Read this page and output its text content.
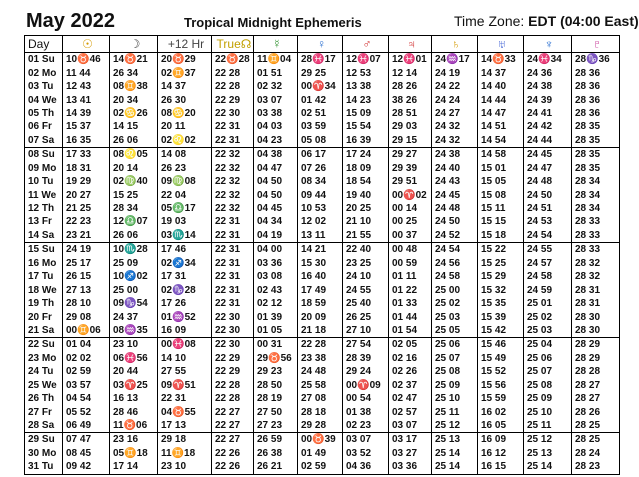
May 2022	Tropical Midnight Ephemeris	Time Zone: EDT (04:00 East)
Day	☉	☽	+12 Hr	True☊	☿	♀	♂	♃	♄	♅	♆	♇
01 Su	10♉46	14♉21	20♉29	22♉28	11♊04	28♓17	12♓07	12♓01	24♒17	14♉33	24♓34	28♑36
02 Mo	11 44	26 34	02♊37	22 28	01 51	29 25	12 53	12 14	24 19	14 37	24 36	28 36
03 Tu	12 43	08♊38	14 37	22 28	02 32	00♈34	13 38	28 26	24 22	14 40	24 38	28 36
04 We	13 41	20 34	26 30	22 29	03 07	01 42	14 23	38 26	24 24	14 44	24 39	28 36
05 Th	14 39	02♋26	08♋20	22 30	03 38	02 51	15 09	28 51	24 27	14 47	24 41	28 36
06 Fr	15 37	14 15	20 11	22 31	04 03	03 59	15 54	29 03	24 32	14 51	24 42	28 35
07 Sa	16 35	26 06	02♌02	22 31	04 23	05 08	16 39	29 15	24 32	14 54	24 44	28 35
08 Su	17 33	08♌05	14 08	22 32	04 38	06 17	17 24	29 27	24 38	14 58	24 45	28 35
09 Mo	18 31	20 14	26 23	22 32	04 47	07 26	18 09	29 39	24 40	15 01	24 47	28 35
10 Tu	19 29	02♍40	09♍08	22 32	04 50	08 34	18 54	29 51	24 43	15 05	24 48	28 34
11 We	20 27	15 25	22 04	22 32	04 50	09 44	19 40	00♈02	24 45	15 08	24 50	28 34
12 Th	21 25	28 34	05♎17	22 32	04 45	10 53	20 25	00 14	24 48	15 11	24 51	28 34
13 Fr	22 23	12♎07	19 03	22 31	04 34	12 02	21 10	00 25	24 50	15 15	24 53	28 33
14 Sa	23 21	26 06	03♏14	22 31	04 19	13 11	21 55	00 37	24 52	15 18	24 54	28 33
15 Su	24 19	10♏28	17 46	22 31	04 00	14 21	22 40	00 48	24 54	15 22	24 55	28 33
16 Mo	25 17	25 09	02♐34	22 31	03 36	15 30	23 25	00 59	24 56	15 25	24 57	28 32
17 Tu	26 15	10♐02	17 31	22 31	03 08	16 40	24 10	01 11	24 58	15 29	24 58	28 32
18 We	27 13	25 00	02♑28	22 31	02 43	17 49	24 55	01 22	25 00	15 32	24 59	28 31
19 Th	28 10	09♑54	17 26	22 31	02 12	18 59	25 40	01 33	25 02	15 35	25 01	28 31
20 Fr	29 08	24 37	01♒52	22 30	01 39	20 09	26 25	01 44	25 03	15 39	25 02	28 30
21 Sa	00♊06	08♒35	16 09	22 30	01 05	21 18	27 10	01 54	25 05	15 42	25 03	28 30
22 Su	01 04	23 10	00♓08	22 30	00 31	22 28	27 54	02 05	25 06	15 46	25 04	28 29
23 Mo	02 02	06♓56	14 10	22 29	29♉56	23 38	28 39	02 16	25 07	15 49	25 06	28 29
24 Tu	02 59	20 44	27 55	22 29	29 23	24 48	29 24	02 26	25 08	15 52	25 07	28 28
25 We	03 57	03♈25	09♈51	22 28	28 50	25 58	00♈09	02 37	25 09	15 56	25 08	28 27
26 Th	04 54	16 13	22 31	22 28	28 19	27 08	00 54	02 47	25 10	15 59	25 09	28 27
27 Fr	05 52	28 46	04♉55	22 27	27 50	28 18	01 38	02 57	25 11	16 02	25 10	28 26
28 Sa	06 49	11♉06	17 13	22 27	27 23	29 28	02 23	03 07	25 12	16 05	25 11	28 25
29 Su	07 47	23 16	29 18	22 27	26 59	00♉39	03 07	03 17	25 13	16 09	25 12	28 25
30 Mo	08 45	05♊18	11♊18	22 26	26 38	01 49	03 52	03 27	25 14	16 12	25 13	28 24
31 Tu	09 42	17 14	23 10	22 26	26 21	02 59	04 36	03 36	25 14	16 15	25 14	28 23
